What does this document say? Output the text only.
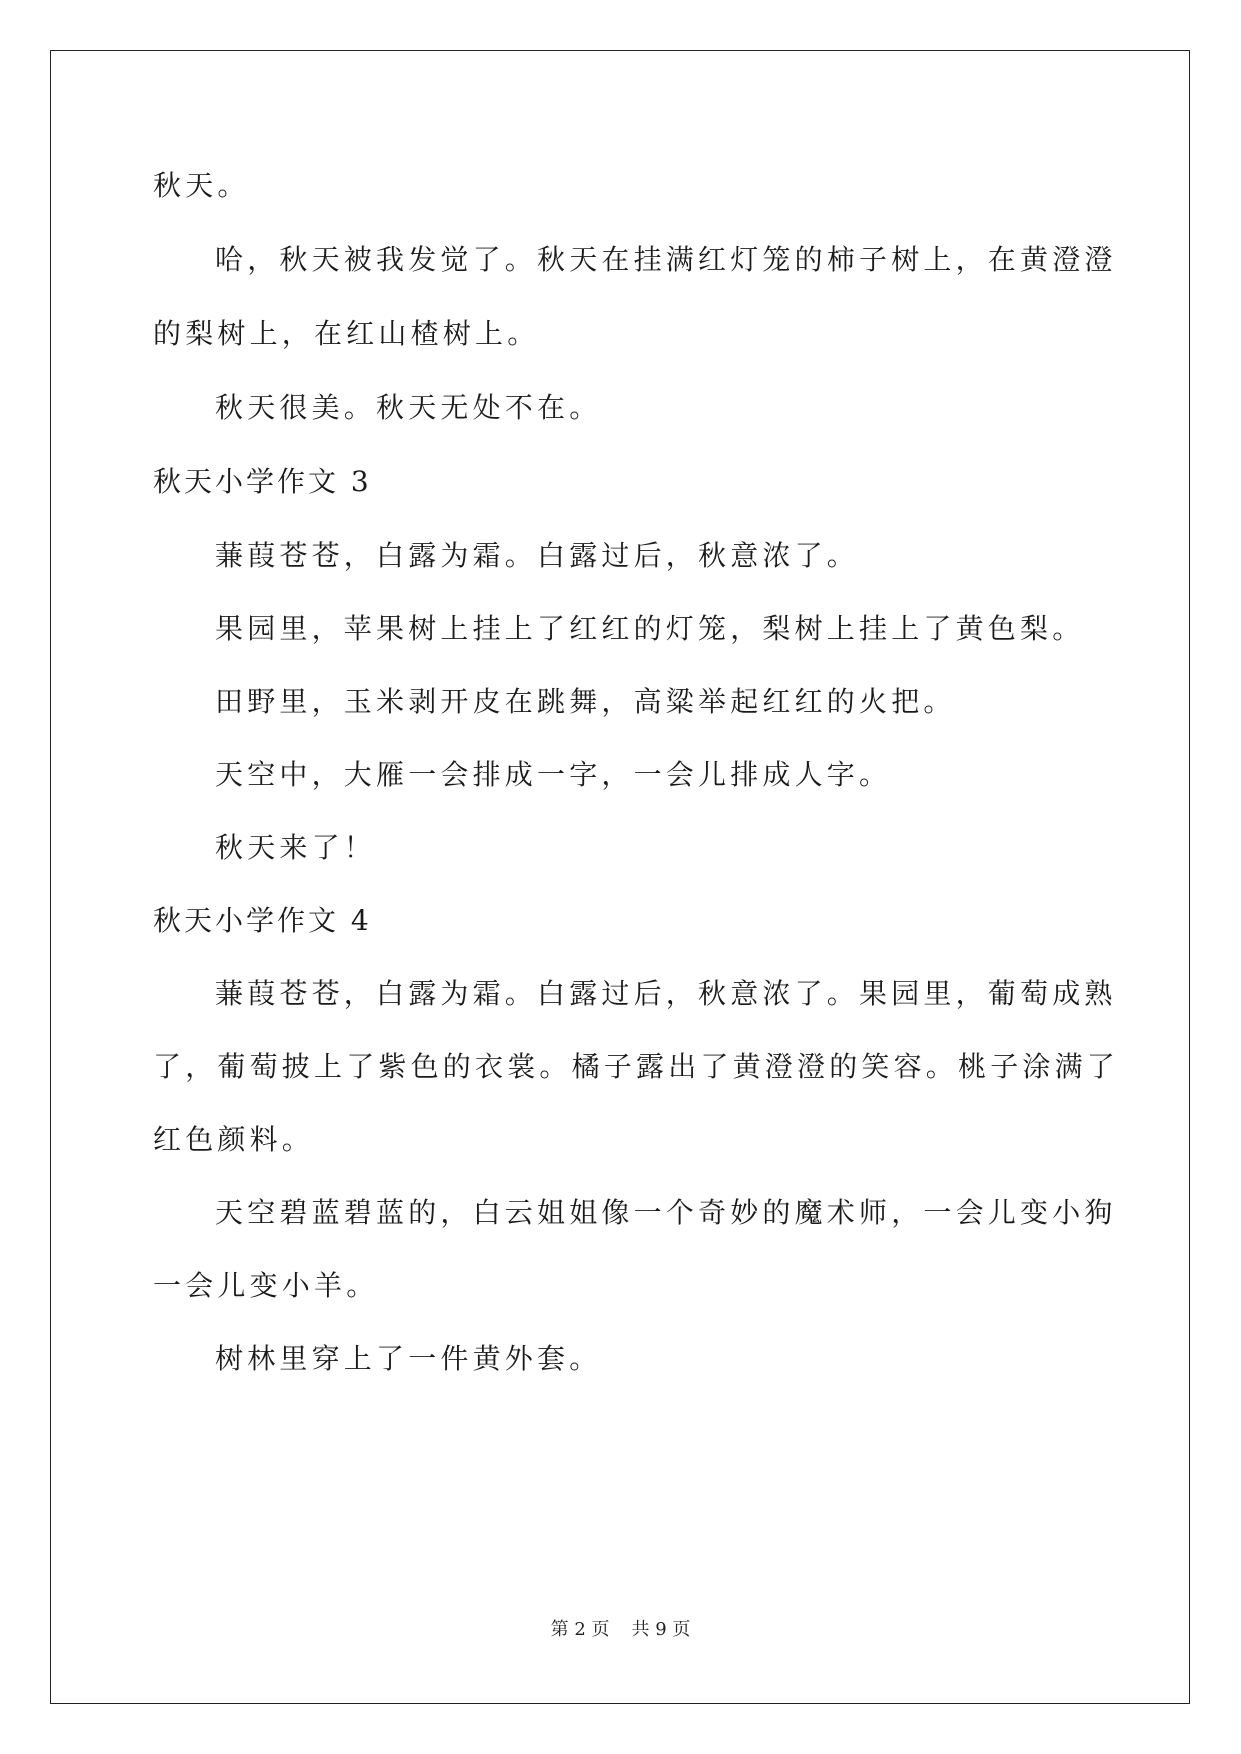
秋天。
哈，秋天被我发觉了。秋天在挂满红灯笼的柿子树上，在黄澄澄
的梨树上，在红山楂树上。
秋天很美。秋天无处不在。
秋天小学作文 3
蒹葭苍苍，白露为霜。白露过后，秋意浓了。
果园里，苹果树上挂上了红红的灯笼，梨树上挂上了黄色梨。
田野里，玉米剥开皮在跳舞，高粱举起红红的火把。
天空中，大雁一会排成一字，一会儿排成人字。
秋天来了！
秋天小学作文 4
蒹葭苍苍，白露为霜。白露过后，秋意浓了。果园里，葡萄成熟
了，葡萄披上了紫色的衣裳。橘子露出了黄澄澄的笑容。桃子涂满了
红色颜料。
天空碧蓝碧蓝的，白云姐姐像一个奇妙的魔术师，一会儿变小狗
一会儿变小羊。
树林里穿上了一件黄外套。
第 2 页 共 9 页
